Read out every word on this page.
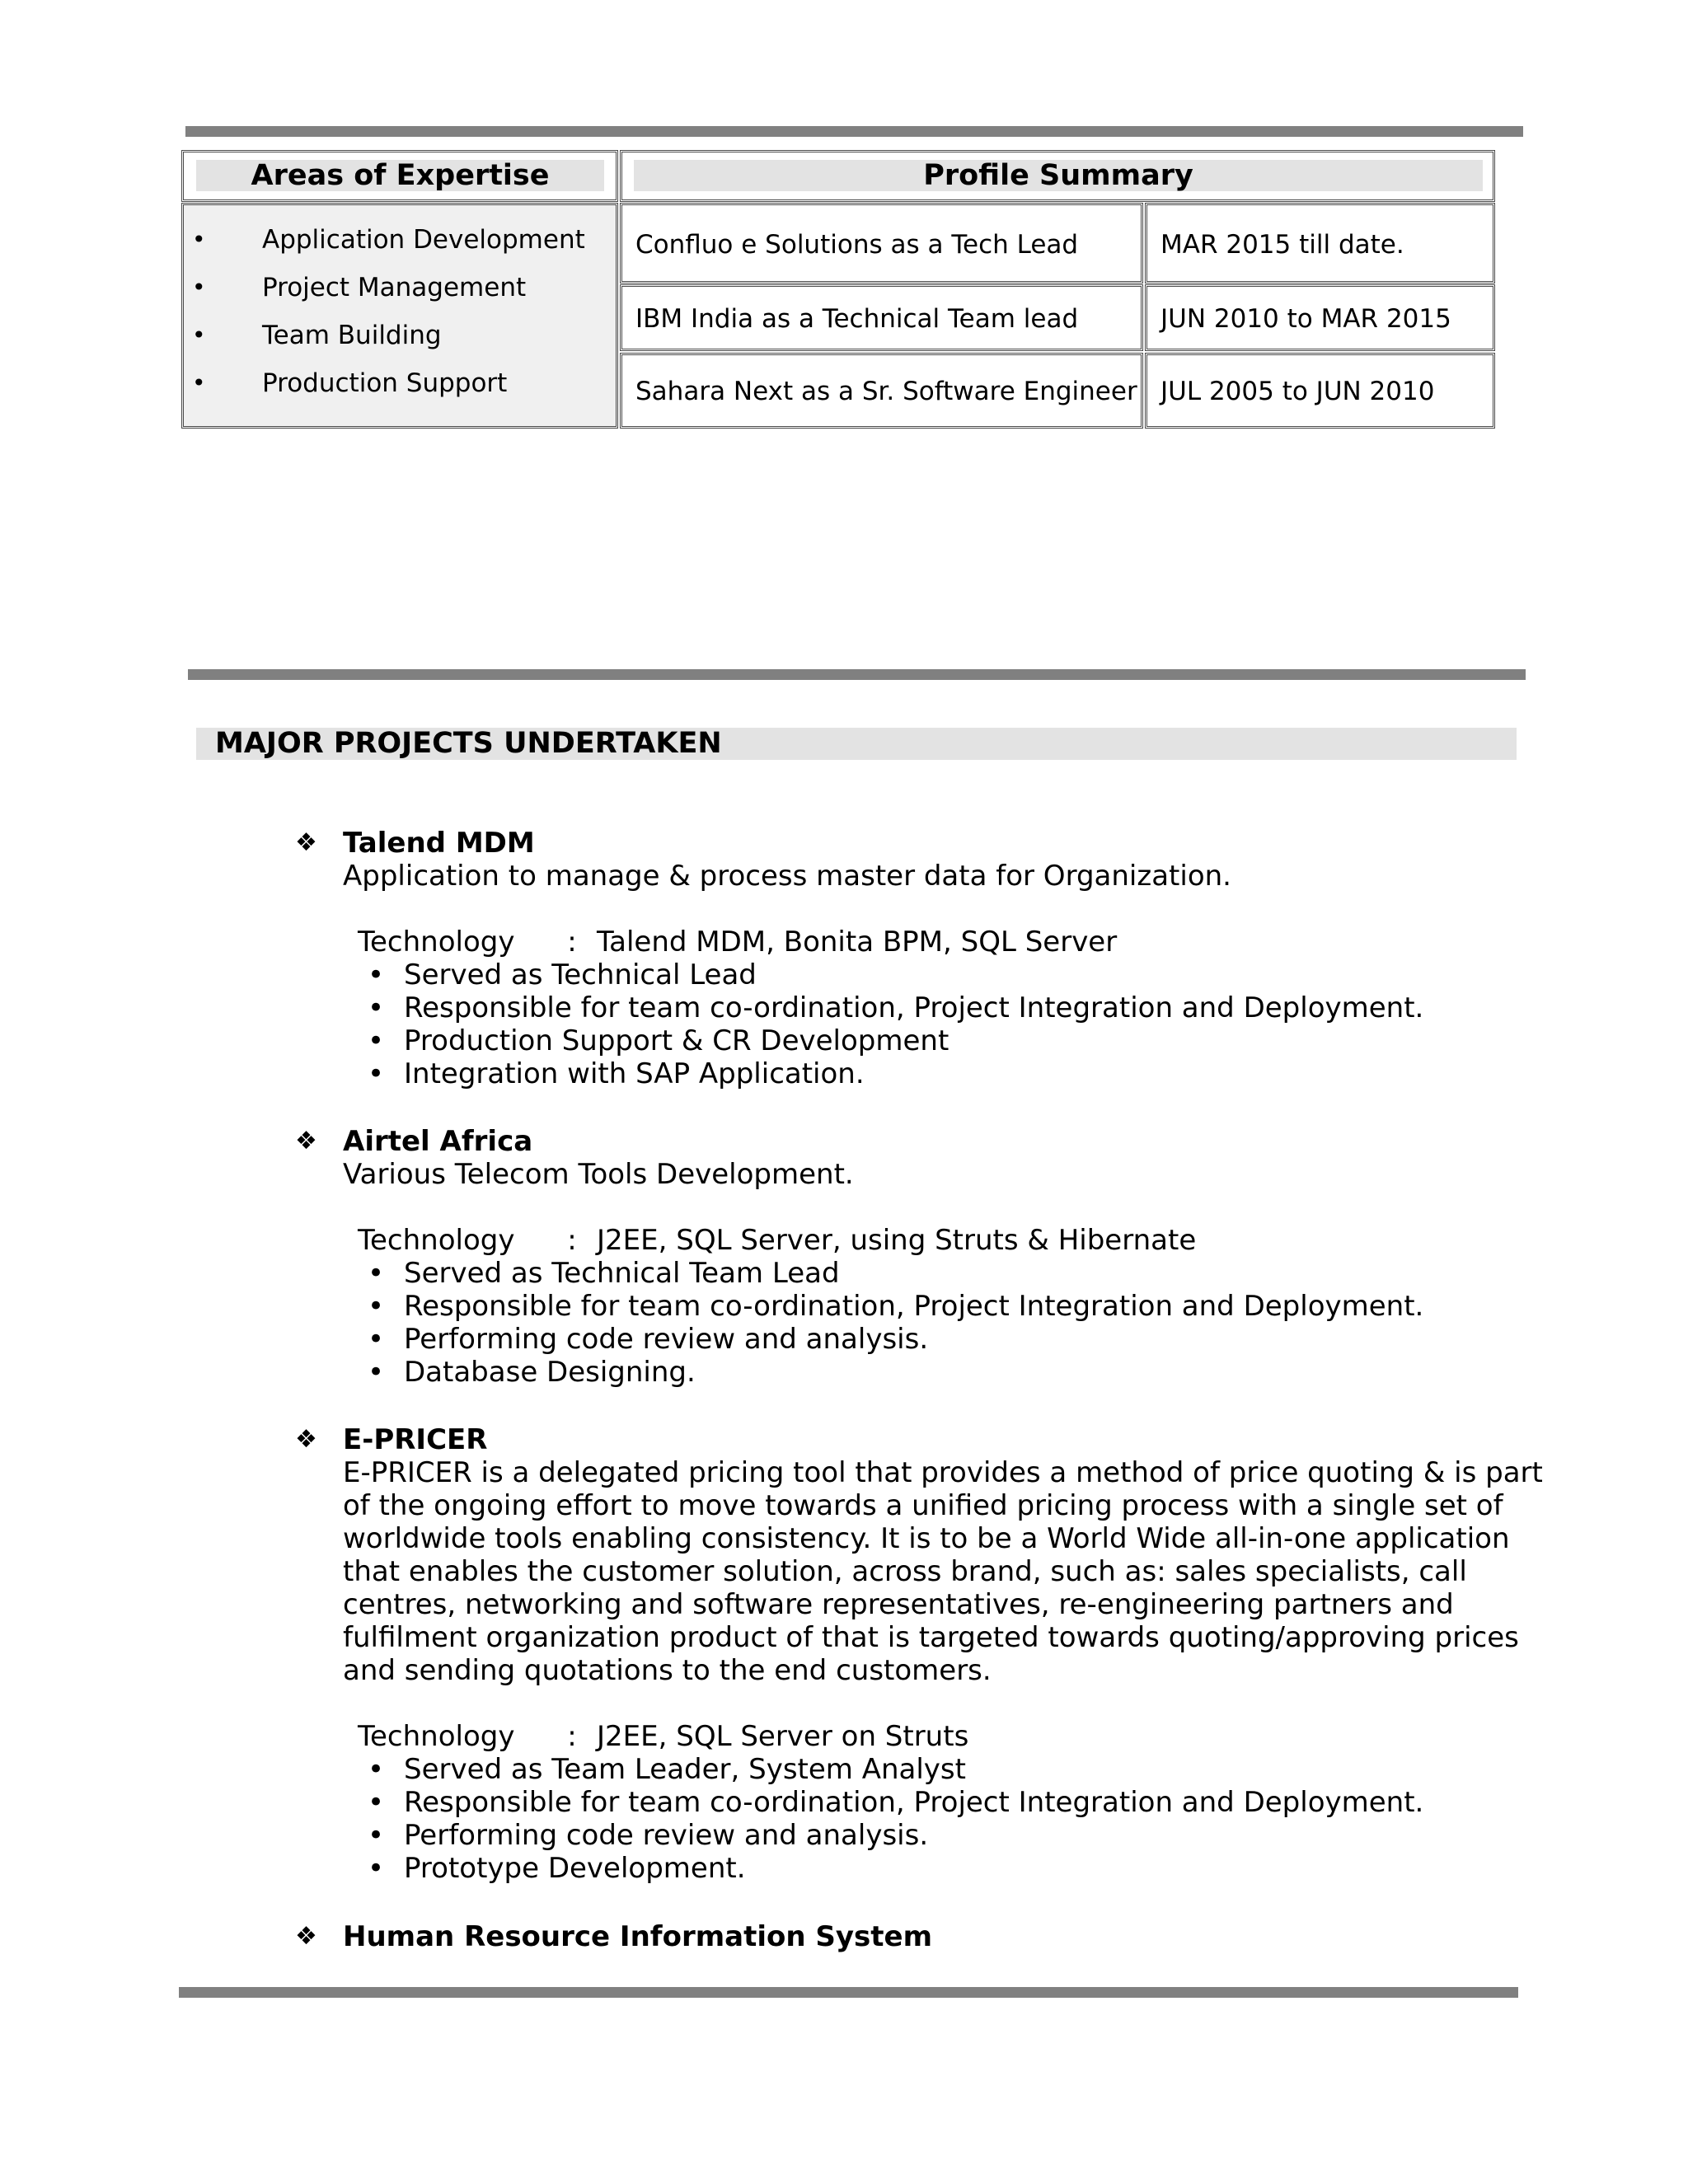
Areas of Expertise	Profile Summary
• Application Development
• Project Management
• Team Building
• Production Support
Confluo e Solutions as a Tech Lead	MAR 2015 till date.
IBM India as a Technical Team lead	JUN 2010 to MAR 2015
Sahara Next as a Sr. Software Engineer JUL 2005 to JUN 2010
MAJOR PROJECTS UNDERTAKEN
❖ Talend MDM

Application to manage & process master data for Organization.

Technology : Talend MDM, Bonita BPM, SQL Server
• Served as Technical Lead
• Responsible for team co-ordination, Project Integration and Deployment.
• Production Support & CR Development
• Integration with SAP Application.
❖ Airtel Africa

Various Telecom Tools Development.

Technology : J2EE, SQL Server, using Struts & Hibernate
• Served as Technical Team Lead
• Responsible for team co-ordination, Project Integration and Deployment.
• Performing code review and analysis.
• Database Designing.
❖ E-PRICER

E-PRICER is a delegated pricing tool that provides a method of price quoting & is part

of the ongoing effort to move towards a unified pricing process with a single set of

worldwide tools enabling consistency. It is to be a World Wide all-in-one application

that enables the customer solution, across brand, such as: sales specialists, call

centres, networking and software representatives, re-engineering partners and

fulfilment organization product of that is targeted towards quoting/approving prices

and sending quotations to the end customers.

Technology : J2EE, SQL Server on Struts
• Served as Team Leader, System Analyst
• Responsible for team co-ordination, Project Integration and Deployment.
• Performing code review and analysis.
• Prototype Development.
❖ Human Resource Information System
